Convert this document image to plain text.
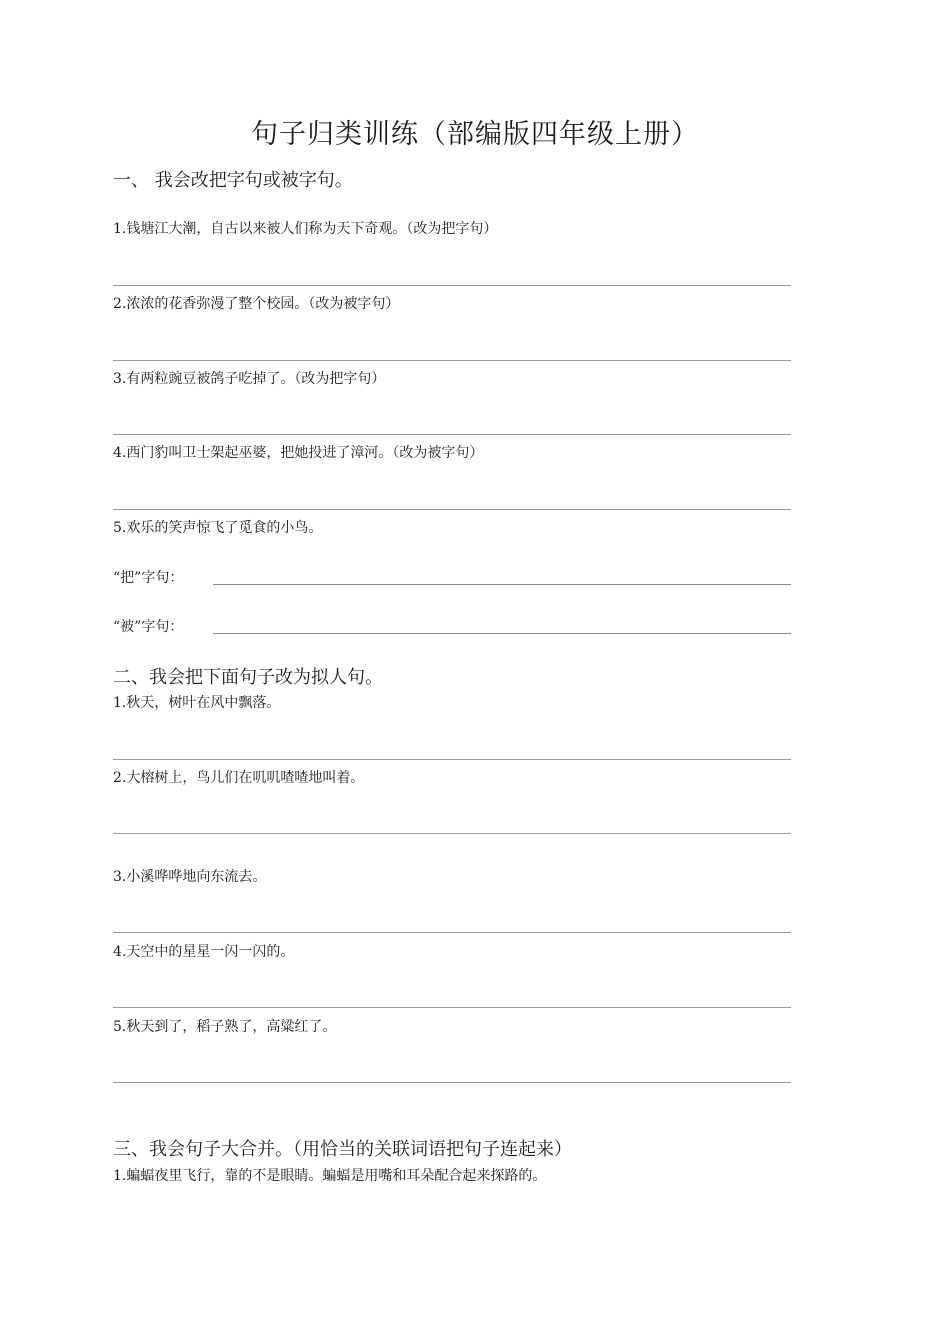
句子归类训练（部编版四年级上册）
一、 我会改把字句或被字句。
1.钱塘江大潮，自古以来被人们称为天下奇观。（改为把字句）
2.浓浓的花香弥漫了整个校园。（改为被字句）
3.有两粒豌豆被鸽子吃掉了。（改为把字句）
4.西门豹叫卫士架起巫婆，把她投进了漳河。（改为被字句）
5.欢乐的笑声惊飞了觅食的小鸟。
“把”字句：
“被”字句：
二、我会把下面句子改为拟人句。
1.秋天，树叶在风中飘落。
2.大榕树上，鸟儿们在叽叽喳喳地叫着。
3.小溪哗哗地向东流去。
4.天空中的星星一闪一闪的。
5.秋天到了，稻子熟了，高粱红了。
三、我会句子大合并。（用恰当的关联词语把句子连起来）
1.蝙蝠夜里飞行，靠的不是眼睛。蝙蝠是用嘴和耳朵配合起来探路的。
